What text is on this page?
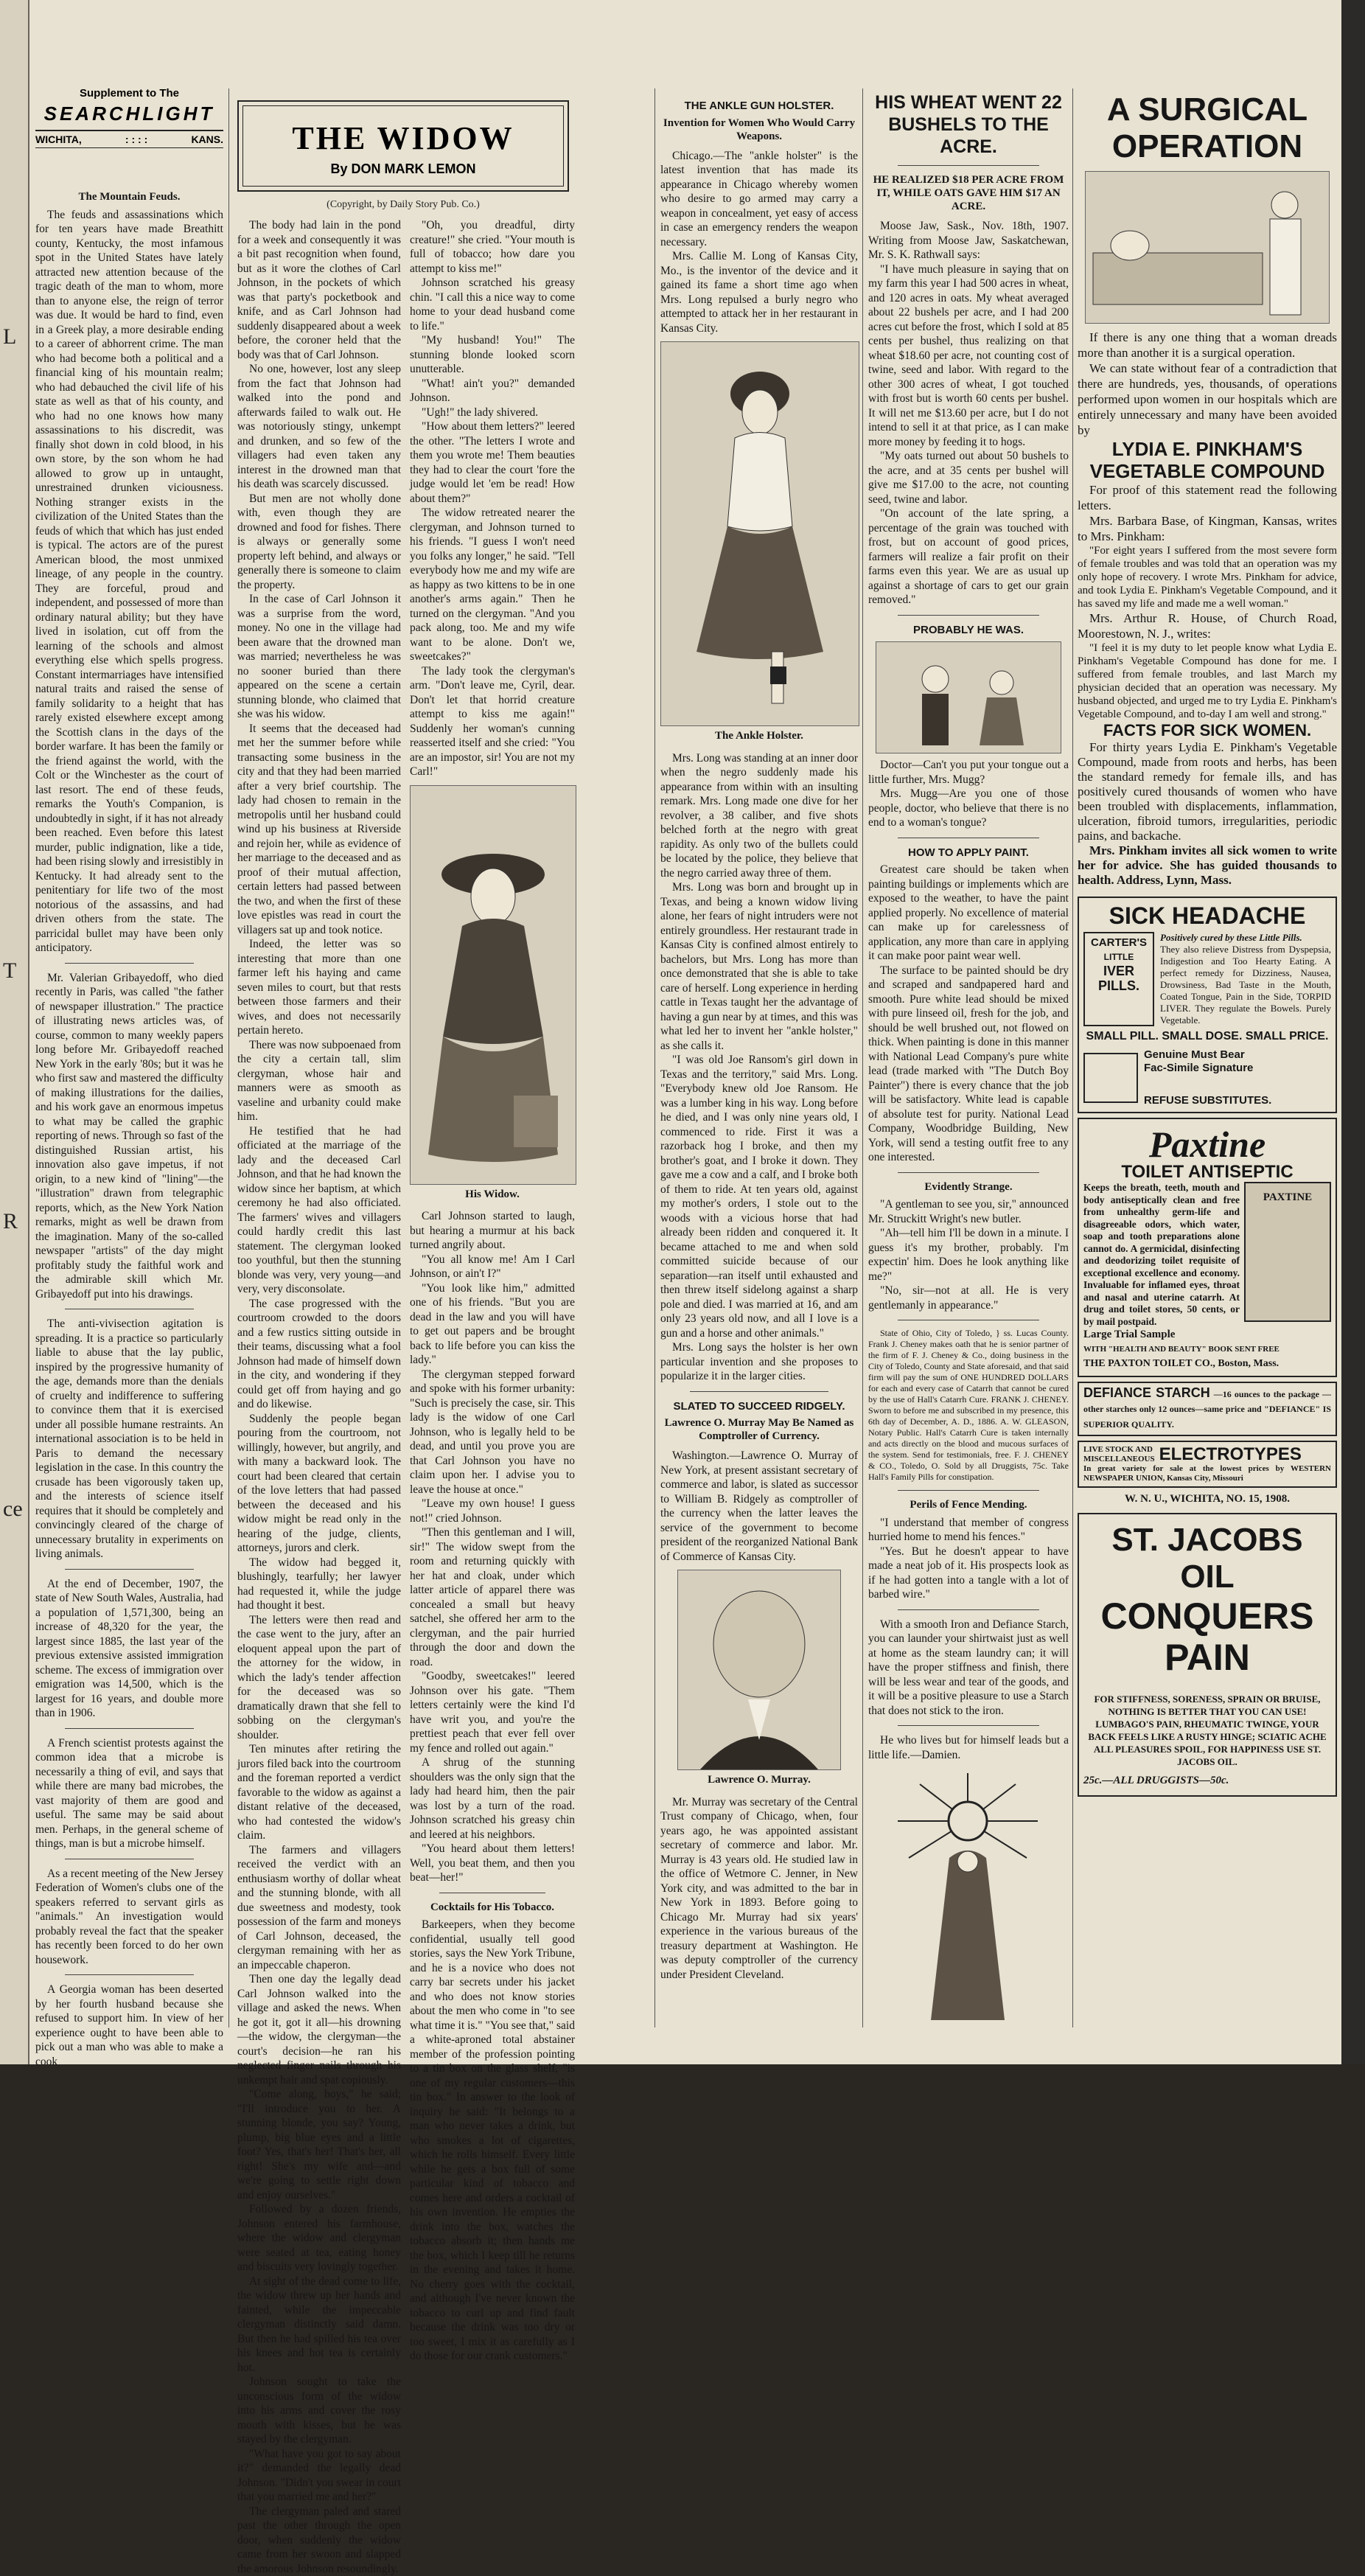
L
T
R
ce
Supplement to The
SEARCHLIGHT
WICHITA,	: : : :	KANS.
The Mountain Feuds.

The feuds and assassinations which for ten years have made Breathitt county, Kentucky, the most infamous spot in the United States have lately attracted new attention because of the tragic death of the man to whom, more than to anyone else, the reign of terror was due. It would be hard to find, even in a Greek play, a more desirable ending to a career of abhorrent crime. The man who had become both a political and a financial king of his mountain realm; who had debauched the civil life of his state as well as that of his county, and who had no one knows how many assassinations to his discredit, was finally shot down in cold blood, in his own store, by the son whom he had allowed to grow up in untaught, unrestrained drunken viciousness. Nothing stranger exists in the civilization of the United States than the feuds of which that which has just ended is typical. The actors are of the purest American blood, the most unmixed lineage, of any people in the country. They are forceful, proud and independent, and possessed of more than ordinary natural ability; but they have lived in isolation, cut off from the learning of the schools and almost everything else which spells progress. Constant intermarriages have intensified natural traits and raised the sense of family solidarity to a height that has rarely existed elsewhere except among the Scottish clans in the days of the border warfare. It has been the family or the friend against the world, with the Colt or the Winchester as the court of last resort. The end of these feuds, remarks the Youth's Companion, is undoubtedly in sight, if it has not already been reached. Even before this latest murder, public indignation, like a tide, had been rising slowly and irresistibly in Kentucky. It had already sent to the penitentiary for life two of the most notorious of the assassins, and had driven others from the state. The parricidal bullet may have been only anticipatory.

Mr. Valerian Gribayedoff, who died recently in Paris, was called "the father of newspaper illustration." The practice of illustrating news articles was, of course, common to many weekly papers long before Mr. Gribayedoff reached New York in the early '80s; but it was he who first saw and mastered the difficulty of making illustrations for the dailies, and his work gave an enormous impetus to what may be called the graphic reporting of news. Through so fast of the distinguished Russian artist, his innovation also gave impetus, if not origin, to a new kind of "lining"—the "illustration" drawn from telegraphic reports, which, as the New York Nation remarks, might as well be drawn from the imagination. Many of the so-called newspaper "artists" of the day might profitably study the faithful work and the admirable skill which Mr. Gribayedoff put into his drawings.

The anti-vivisection agitation is spreading. It is a practice so particularly liable to abuse that the lay public, inspired by the progressive humanity of the age, demands more than the denials of cruelty and indifference to suffering to convince them that it is exercised under all possible humane restraints. An international association is to be held in Paris to demand the necessary legislation in the case. In this country the crusade has been vigorously taken up, and the interests of science itself requires that it should be completely and convincingly cleared of the charge of unnecessary brutality in experiments on living animals.

At the end of December, 1907, the state of New South Wales, Australia, had a population of 1,571,300, being an increase of 48,320 for the year, the largest since 1885, the last year of the previous extensive assisted immigration scheme. The excess of immigration over emigration was 14,500, which is the largest for 16 years, and double more than in 1906.

A French scientist protests against the common idea that a microbe is necessarily a thing of evil, and says that while there are many bad microbes, the vast majority of them are good and useful. The same may be said about men. Perhaps, in the general scheme of things, man is but a microbe himself.

As a recent meeting of the New Jersey Federation of Women's clubs one of the speakers referred to servant girls as "animals." An investigation would probably reveal the fact that the speaker has recently been forced to do her own housework.

A Georgia woman has been deserted by her fourth husband because she refused to support him. In view of her experience ought to have been able to pick out a man who was able to make a cook

THE WIDOW
By DON MARK LEMON
(Copyright, by Daily Story Pub. Co.)

The body had lain in the pond for a week and consequently it was a bit past recognition when found, but as it wore the clothes of Carl Johnson, in the pockets of which was that party's pocketbook and knife, and as Carl Johnson had suddenly disappeared about a week before, the coroner held that the body was that of Carl Johnson.

No one, however, lost any sleep from the fact that Johnson had walked into the pond and afterwards failed to walk out. He was notoriously stingy, unkempt and drunken, and so few of the villagers had even taken any interest in the drowned man that his death was scarcely discussed.

But men are not wholly done with, even though they are drowned and food for fishes. There is always or generally some property left behind, and always or generally there is someone to claim the property.

In the case of Carl Johnson it was a surprise from the word, money. No one in the village had been aware that the drowned man was married; nevertheless he was no sooner buried than there appeared on the scene a certain stunning blonde, who claimed that she was his widow.

It seems that the deceased had met her the summer before while transacting some business in the city and that they had been married after a very brief courtship. The lady had chosen to remain in the metropolis until her husband could wind up his business at Riverside and rejoin her, while as evidence of her marriage to the deceased and as proof of their mutual affection, certain letters had passed between the two, and when the first of these love epistles was read in court the villagers sat up and took notice.

Indeed, the letter was so interesting that more than one farmer left his haying and came seven miles to court, but that rests between those farmers and their wives, and does not necessarily pertain hereto.

There was now subpoenaed from the city a certain tall, slim clergyman, whose hair and manners were as smooth as vaseline and urbanity could make him.

He testified that he had officiated at the marriage of the lady and the deceased Carl Johnson, and that he had known the widow since her baptism, at which ceremony he had also officiated. The farmers' wives and villagers could hardly credit this last statement. The clergyman looked too youthful, but then the stunning blonde was very, very young—and very, very disconsolate.

The case progressed with the courtroom crowded to the doors and a few rustics sitting outside in their teams, discussing what a fool Johnson had made of himself down in the city, and wondering if they could get off from haying and go and do likewise.

Suddenly the people began pouring from the courtroom, not willingly, however, but angrily, and with many a backward look. The court had been cleared that certain of the love letters that had passed between the deceased and his widow might be read only in the hearing of the judge, clients, attorneys, jurors and clerk.

The widow had begged it, blushingly, tearfully; her lawyer had requested it, while the judge had thought it best.

The letters were then read and the case went to the jury, after an eloquent appeal upon the part of the attorney for the widow, in which the lady's tender affection for the deceased was so dramatically drawn that she fell to sobbing on the clergyman's shoulder.

Ten minutes after retiring the jurors filed back into the courtroom and the foreman reported a verdict favorable to the widow as against a distant relative of the deceased, who had contested the widow's claim.

The farmers and villagers received the verdict with an enthusiasm worthy of dollar wheat and the stunning blonde, with all due sweetness and modesty, took possession of the farm and moneys of Carl Johnson, deceased, the clergyman remaining with her as an impeccable chaperon.

Then one day the legally dead Carl Johnson walked into the village and asked the news. When he got it, got it all—his drowning—the widow, the clergyman—the court's decision—he ran his neglected finger nails through his unkempt hair and spat copiously.

"Come along, boys," he said; "I'll introduce you to her. A stunning blonde, you say? Young, plump, big blue eyes and a little foot? Yes, that's her! That's her, all right! She's my wife and—and we're going to settle right down and enjoy ourselves."

Followed by a dozen friends, Johnson entered his farmhouse, where the widow and clergyman were seated at tea, eating honey and biscuits very lovingly together.

At sight of the dead come to life, the widow threw up her hands and fainted, while the impeccable clergyman distinctly said damn. But then he had spilled his tea over his knees and hot tea is certainly hot.

Johnson sought to take the unconscious form of the widow into his arms and cover the rosy mouth with kisses, but he was stayed by the clergyman.

"What have you got to say about it?" demanded the legally dead Johnson. "Didn't you swear in court that you married me and her?"

The clergyman paled and stared past the other through the open door, when suddenly the widow came from her swoon and slapped the amorous Johnson resoundingly.

"Oh, you dreadful, dirty creature!" she cried. "Your mouth is full of tobacco; how dare you attempt to kiss me!"

Johnson scratched his greasy chin. "I call this a nice way to come home to your dead husband come to life."

"My husband! You!" The stunning blonde looked scorn unutterable.

"What! ain't you?" demanded Johnson.

"Ugh!" the lady shivered.

"How about them letters?" leered the other. "The letters I wrote and them you wrote me! Them beauties they had to clear the court 'fore the judge would let 'em be read! How about them?"

The widow retreated nearer the clergyman, and Johnson turned to his friends. "I guess I won't need you folks any longer," he said. "Tell everybody how me and my wife are as happy as two kittens to be in one another's arms again." Then he turned on the clergyman. "And you pack along, too. Me and my wife want to be alone. Don't we, sweetcakes?"

The lady took the clergyman's arm. "Don't leave me, Cyril, dear. Don't let that horrid creature attempt to kiss me again!" Suddenly her woman's cunning reasserted itself and she cried: "You are an impostor, sir! You are not my Carl!"

His Widow.

Carl Johnson started to laugh, but hearing a murmur at his back turned angrily about.

"You all know me! Am I Carl Johnson, or ain't I?"

"You look like him," admitted one of his friends. "But you are dead in the law and you will have to get out papers and be brought back to life before you can kiss the lady."

The clergyman stepped forward and spoke with his former urbanity: "Such is precisely the case, sir. This lady is the widow of one Carl Johnson, who is legally held to be dead, and until you prove you are that Carl Johnson you have no claim upon her. I advise you to leave the house at once."

"Leave my own house! I guess not!" cried Johnson.

"Then this gentleman and I will, sir!" The widow swept from the room and returning quickly with her hat and cloak, under which latter article of apparel there was concealed a small but heavy satchel, she offered her arm to the clergyman, and the pair hurried through the door and down the road.

"Goodby, sweetcakes!" leered Johnson over his gate. "Them letters certainly were the kind I'd have writ you, and you're the prettiest peach that ever fell over my fence and rolled out again."

A shrug of the stunning shoulders was the only sign that the lady had heard him, then the pair was lost by a turn of the road. Johnson scratched his greasy chin and leered at his neighbors.

"You heard about them letters! Well, you beat them, and then you beat—her!"

Cocktails for His Tobacco.

Barkeepers, when they become confidential, usually tell good stories, says the New York Tribune, and he is a novice who does not carry bar secrets under his jacket and who does not know stories about the men who come in "to see what time it is." "You see that," said a white-aproned total abstainer member of the profession pointing to a tin box on the glass shelf, "is one of my regular customers—this tin box." In answer to the look of inquiry he said: "It belongs to a man who never takes a drink, but who smokes a lot of cigarettes, which he rolls himself. Every little while he gets a box full of some particular kind of tobacco and comes here and orders a cocktail of his own invention. He empties the drink into the box, watches the tobacco absorb it; then hands me the box, which I keep till he returns in the evening and takes it home. No cherry goes with the cocktail, and although I've never known the tobacco to curl up and find fault because the drink was too dry or too sweet, I mix it as carefully as I do those for our crank customers."

THE ANKLE GUN HOLSTER.
Invention for Women Who Would Carry Weapons.

Chicago.—The "ankle holster" is the latest invention that has made its appearance in Chicago whereby women who desire to go armed may carry a weapon in concealment, yet easy of access in case an emergency renders the weapon necessary.

Mrs. Callie M. Long of Kansas City, Mo., is the inventor of the device and it gained its fame a short time ago when Mrs. Long repulsed a burly negro who attempted to attack her in her restaurant in Kansas City.

The Ankle Holster.

Mrs. Long was standing at an inner door when the negro suddenly made his appearance from within with an insulting remark. Mrs. Long made one dive for her revolver, a 38 caliber, and five shots belched forth at the negro with great rapidity. As only two of the bullets could be located by the police, they believe that the negro carried away three of them.

Mrs. Long was born and brought up in Texas, and being a known widow living alone, her fears of night intruders were not entirely groundless. Her restaurant trade in Kansas City is confined almost entirely to bachelors, but Mrs. Long has more than once demonstrated that she is able to take care of herself. Long experience in herding cattle in Texas taught her the advantage of having a gun near by at times, and this was what led her to invent her "ankle holster," as she calls it.

"I was old Joe Ransom's girl down in Texas and the territory," said Mrs. Long. "Everybody knew old Joe Ransom. He was a lumber king in his way. Long before he died, and I was only nine years old, I commenced to ride. First it was a razorback hog I broke, and then my brother's goat, and I broke it down. They gave me a cow and a calf, and I broke both of them to ride. At ten years old, against my mother's orders, I stole out to the woods with a vicious horse that had already been ridden and conquered it. It became attached to me and when sold committed suicide because of our separation—ran itself until exhausted and then threw itself sidelong against a sharp pole and died. I was married at 16, and am only 23 years old now, and all I love is a gun and a horse and other animals."

Mrs. Long says the holster is her own particular invention and she proposes to popularize it in the larger cities.

SLATED TO SUCCEED RIDGELY.
Lawrence O. Murray May Be Named as Comptroller of Currency.

Washington.—Lawrence O. Murray of New York, at present assistant secretary of commerce and labor, is slated as successor to William B. Ridgely as comptroller of the currency when the latter leaves the service of the government to become president of the reorganized National Bank of Commerce of Kansas City.

Lawrence O. Murray.

Mr. Murray was secretary of the Central Trust company of Chicago, when, four years ago, he was appointed assistant secretary of commerce and labor. Mr. Murray is 43 years old. He studied law in the office of Wetmore C. Jenner, in New York city, and was admitted to the bar in New York in 1893. Before going to Chicago Mr. Murray had six years' experience in the various bureaus of the treasury department at Washington. He was deputy comptroller of the currency under President Cleveland.

HIS WHEAT WENT 22
BUSHELS TO THE ACRE.
HE REALIZED $18 PER ACRE FROM IT, WHILE OATS GAVE HIM $17 AN ACRE.

Moose Jaw, Sask., Nov. 18th, 1907. Writing from Moose Jaw, Saskatchewan, Mr. S. K. Rathwall says:

"I have much pleasure in saying that on my farm this year I had 500 acres in wheat, and 120 acres in oats. My wheat averaged about 22 bushels per acre, and I had 200 acres cut before the frost, which I sold at 85 cents per bushel, thus realizing on that wheat $18.60 per acre, not counting cost of twine, seed and labor. With regard to the other 300 acres of wheat, I got touched with frost but is worth 60 cents per bushel. It will net me $13.60 per acre, but I do not intend to sell it at that price, as I can make more money by feeding it to hogs.

"My oats turned out about 50 bushels to the acre, and at 35 cents per bushel will give me $17.00 to the acre, not counting seed, twine and labor.

"On account of the late spring, a percentage of the grain was touched with frost, but on account of good prices, farmers will realize a fair profit on their farms even this year. We are as usual up against a shortage of cars to get our grain removed."

PROBABLY HE WAS.

Doctor—Can't you put your tongue out a little further, Mrs. Mugg?

Mrs. Mugg—Are you one of those people, doctor, who believe that there is no end to a woman's tongue?

HOW TO APPLY PAINT.

Greatest care should be taken when painting buildings or implements which are exposed to the weather, to have the paint applied properly. No excellence of material can make up for carelessness of application, any more than care in applying it can make poor paint wear well.

The surface to be painted should be dry and scraped and sandpapered hard and smooth. Pure white lead should be mixed with pure linseed oil, fresh for the job, and should be well brushed out, not flowed on thick. When painting is done in this manner with National Lead Company's pure white lead (trade marked with "The Dutch Boy Painter") there is every chance that the job will be satisfactory. White lead is capable of absolute test for purity. National Lead Company, Woodbridge Building, New York, will send a testing outfit free to any one interested.

Evidently Strange.

"A gentleman to see you, sir," announced Mr. Struckitt Wright's new butler.

"Ah—tell him I'll be down in a minute. I guess it's my brother, probably. I'm expectin' him. Does he look anything like me?"

"No, sir—not at all. He is very gentlemanly in appearance."

State of Ohio, City of Toledo, } ss. Lucas County. Frank J. Cheney makes oath that he is senior partner of the firm of F. J. Cheney & Co., doing business in the City of Toledo, County and State aforesaid, and that said firm will pay the sum of ONE HUNDRED DOLLARS for each and every case of Catarrh that cannot be cured by the use of Hall's Catarrh Cure. FRANK J. CHENEY. Sworn to before me and subscribed in my presence, this 6th day of December, A. D., 1886. A. W. GLEASON, Notary Public. Hall's Catarrh Cure is taken internally and acts directly on the blood and mucous surfaces of the system. Send for testimonials, free. F. J. CHENEY & CO., Toledo, O. Sold by all Druggists, 75c. Take Hall's Family Pills for constipation.

Perils of Fence Mending.

"I understand that member of congress hurried home to mend his fences."

"Yes. But he doesn't appear to have made a neat job of it. His prospects look as if he had gotten into a tangle with a lot of barbed wire."

With a smooth Iron and Defiance Starch, you can launder your shirtwaist just as well at home as the steam laundry can; it will have the proper stiffness and finish, there will be less wear and tear of the goods, and it will be a positive pleasure to use a Starch that does not stick to the iron.

He who lives but for himself leads but a little life.—Damien.

A SURGICAL
OPERATION

If there is any one thing that a woman dreads more than another it is a surgical operation.

We can state without fear of a contradiction that there are hundreds, yes, thousands, of operations performed upon women in our hospitals which are entirely unnecessary and many have been avoided by

LYDIA E. PINKHAM'S
VEGETABLE COMPOUND

For proof of this statement read the following letters.

Mrs. Barbara Base, of Kingman, Kansas, writes to Mrs. Pinkham:

"For eight years I suffered from the most severe form of female troubles and was told that an operation was my only hope of recovery. I wrote Mrs. Pinkham for advice, and took Lydia E. Pinkham's Vegetable Compound, and it has saved my life and made me a well woman."

Mrs. Arthur R. House, of Church Road, Moorestown, N. J., writes:

"I feel it is my duty to let people know what Lydia E. Pinkham's Vegetable Compound has done for me. I suffered from female troubles, and last March my physician decided that an operation was necessary. My husband objected, and urged me to try Lydia E. Pinkham's Vegetable Compound, and to-day I am well and strong."

FACTS FOR SICK WOMEN.

For thirty years Lydia E. Pinkham's Vegetable Compound, made from roots and herbs, has been the standard remedy for female ills, and has positively cured thousands of women who have been troubled with displacements, inflammation, ulceration, fibroid tumors, irregularities, periodic pains, and backache.

Mrs. Pinkham invites all sick women to write her for advice. She has guided thousands to health. Address, Lynn, Mass.

SICK HEADACHE
CARTER'S
LITTLE
IVER
PILLS.
Positively cured by these Little Pills.
They also relieve Distress from Dyspepsia, Indigestion and Too Hearty Eating. A perfect remedy for Dizziness, Nausea, Drowsiness, Bad Taste in the Mouth, Coated Tongue, Pain in the Side, TORPID LIVER. They regulate the Bowels. Purely Vegetable.
SMALL PILL. SMALL DOSE. SMALL PRICE.
Genuine Must Bear
Fac-Simile Signature
REFUSE SUBSTITUTES.
Paxtine
TOILET ANTISEPTIC
Keeps the breath, teeth, mouth and body antiseptically clean and free from unhealthy germ-life and disagreeable odors, which water, soap and tooth preparations alone cannot do. A germicidal, disinfecting and deodorizing toilet requisite of exceptional excellence and economy. Invaluable for inflamed eyes, throat and nasal and uterine catarrh. At drug and toilet stores, 50 cents, or by mail postpaid.
PAXTINE
Large Trial Sample
WITH "HEALTH AND BEAUTY" BOOK SENT FREE
THE PAXTON TOILET CO., Boston, Mass.
DEFIANCE STARCH —16 ounces to the package —other starches only 12 ounces—same price and "DEFIANCE" IS SUPERIOR QUALITY.
LIVE STOCK AND
MISCELLANEOUS ELECTROTYPES
In great variety for sale at the lowest prices by WESTERN NEWSPAPER UNION, Kansas City, Missouri
W. N. U., WICHITA, NO. 15, 1908.
ST. JACOBS OIL
CONQUERS
PAIN
FOR STIFFNESS, SORENESS, SPRAIN OR BRUISE, NOTHING IS BETTER THAT YOU CAN USE! LUMBAGO'S PAIN, RHEUMATIC TWINGE, YOUR BACK FEELS LIKE A RUSTY HINGE; SCIATIC ACHE ALL PLEASURES SPOIL, FOR HAPPINESS USE ST. JACOBS OIL.
25c.—ALL DRUGGISTS—50c.
